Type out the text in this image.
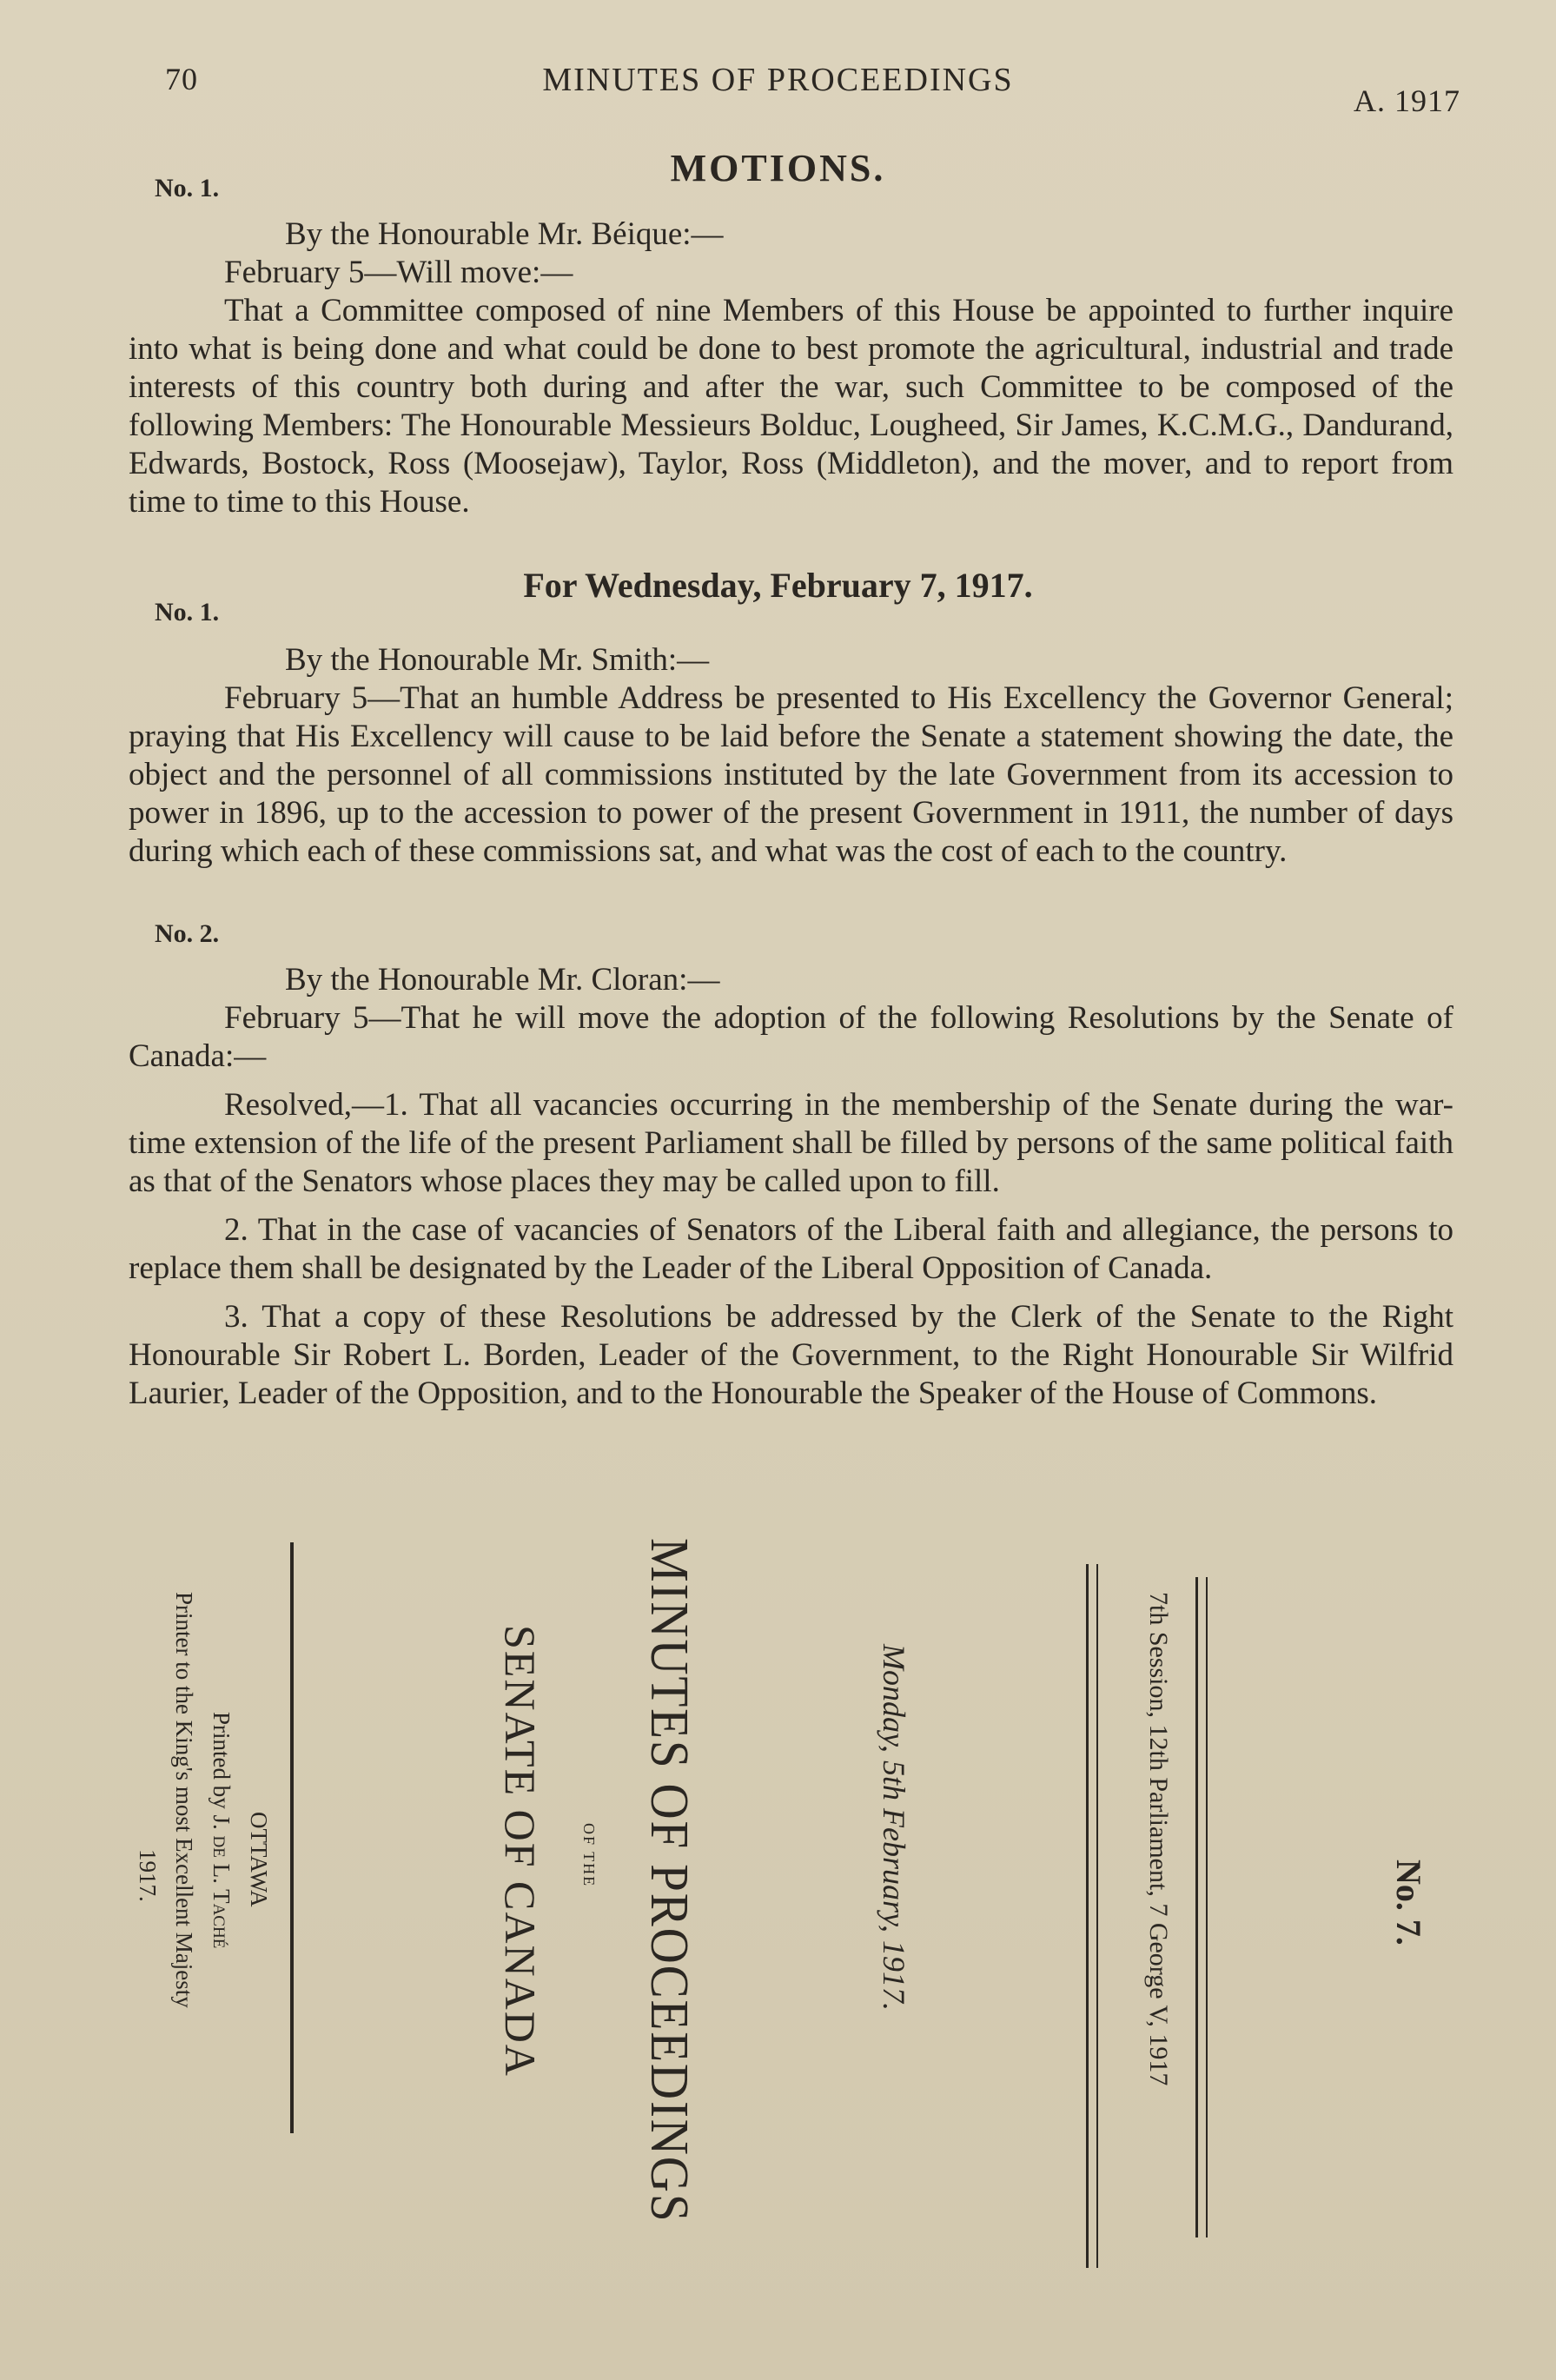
70	MINUTES OF PROCEEDINGS
A. 1917
MOTIONS.
No. 1.

By the Honourable Mr. Béique:—

February 5—Will move:—

That a Committee composed of nine Members of this House be appointed to further inquire into what is being done and what could be done to best promote the agricultural, industrial and trade interests of this country both during and after the war, such Committee to be composed of the following Members: The Honourable Messieurs Bolduc, Lougheed, Sir James, K.C.M.G., Dandurand, Edwards, Bostock, Ross (Moosejaw), Taylor, Ross (Middleton), and the mover, and to report from time to time to this House.

For Wednesday, February 7, 1917.
No. 1.

By the Honourable Mr. Smith:—

February 5—That an humble Address be presented to His Excellency the Governor General; praying that His Excellency will cause to be laid before the Senate a statement showing the date, the object and the personnel of all commissions instituted by the late Government from its accession to power in 1896, up to the accession to power of the present Government in 1911, the number of days during which each of these commissions sat, and what was the cost of each to the country.

No. 2.

By the Honourable Mr. Cloran:—

February 5—That he will move the adoption of the following Resolutions by the Senate of Canada:—

Resolved,—1. That all vacancies occurring in the membership of the Senate during the war-time extension of the life of the present Parliament shall be filled by persons of the same political faith as that of the Senators whose places they may be called upon to fill.

2. That in the case of vacancies of Senators of the Liberal faith and allegiance, the persons to replace them shall be designated by the Leader of the Liberal Opposition of Canada.

3. That a copy of these Resolutions be addressed by the Clerk of the Senate to the Right Honourable Sir Robert L. Borden, Leader of the Government, to the Right Honourable Sir Wilfrid Laurier, Leader of the Opposition, and to the Honourable the Speaker of the House of Commons.

No. 7.
7th Session, 12th Parliament, 7 George V, 1917
Monday, 5th February, 1917.
MINUTES OF PROCEEDINGS
OF THE
SENATE OF CANADA
OTTAWA
Printed by J. de L. Taché
Printer to the King's most Excellent Majesty
1917.
